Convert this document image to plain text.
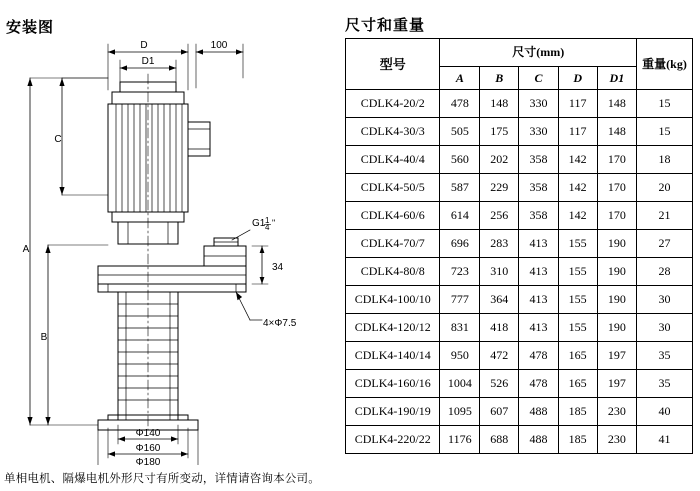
安装图
D
D1
100
A
B
C
G1 1
4 "
34
4×Φ7.5
Φ140
Φ160
Φ180
单相电机、隔爆电机外形尺寸有所变动，详情请咨询本公司。
尺寸和重量
型号	尺寸(mm)					重量(kg)
	A	B	C	D	D1	
CDLK4-20/2	478	148	330	117	148	15
CDLK4-30/3	505	175	330	117	148	15
CDLK4-40/4	560	202	358	142	170	18
CDLK4-50/5	587	229	358	142	170	20
CDLK4-60/6	614	256	358	142	170	21
CDLK4-70/7	696	283	413	155	190	27
CDLK4-80/8	723	310	413	155	190	28
CDLK4-100/10	777	364	413	155	190	30
CDLK4-120/12	831	418	413	155	190	30
CDLK4-140/14	950	472	478	165	197	35
CDLK4-160/16	1004	526	478	165	197	35
CDLK4-190/19	1095	607	488	185	230	40
CDLK4-220/22	1176	688	488	185	230	41
